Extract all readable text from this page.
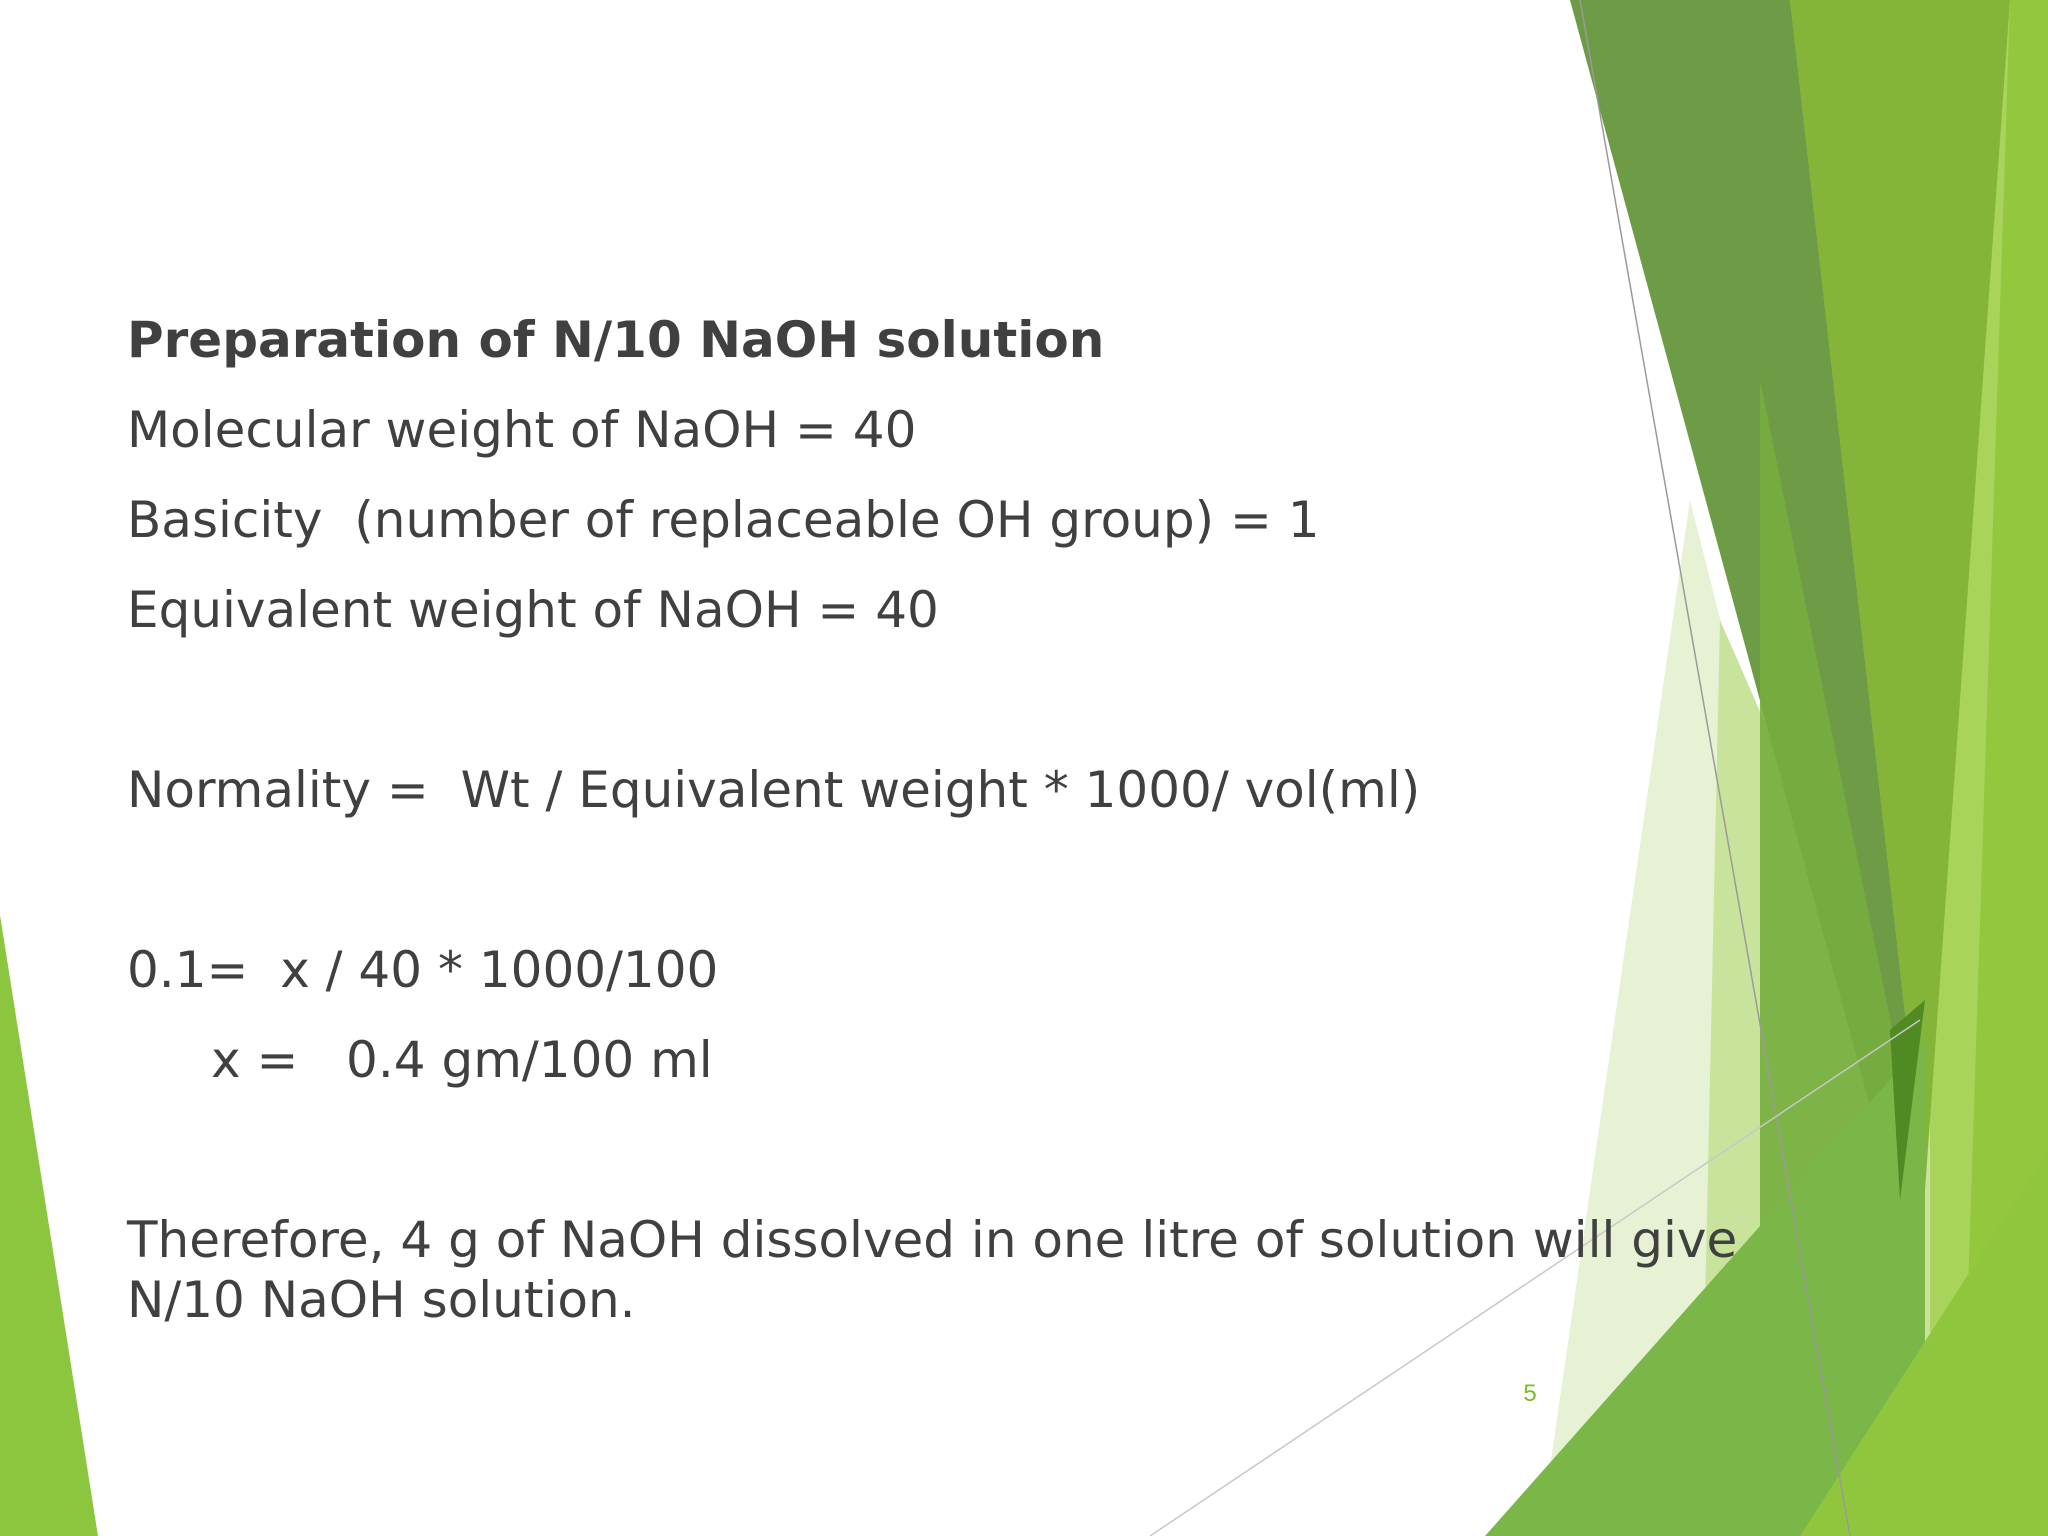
Preparation of N/10 NaOH solution
Molecular weight of NaOH = 40
Basicity  (number of replaceable OH group) = 1
Equivalent weight of NaOH = 40
Normality =  Wt / Equivalent weight * 1000/ vol(ml)
0.1=  x / 40 * 1000/100
x =   0.4 gm/100 ml
Therefore, 4 g of NaOH dissolved in one litre of solution will give
N/10 NaOH solution.
5
